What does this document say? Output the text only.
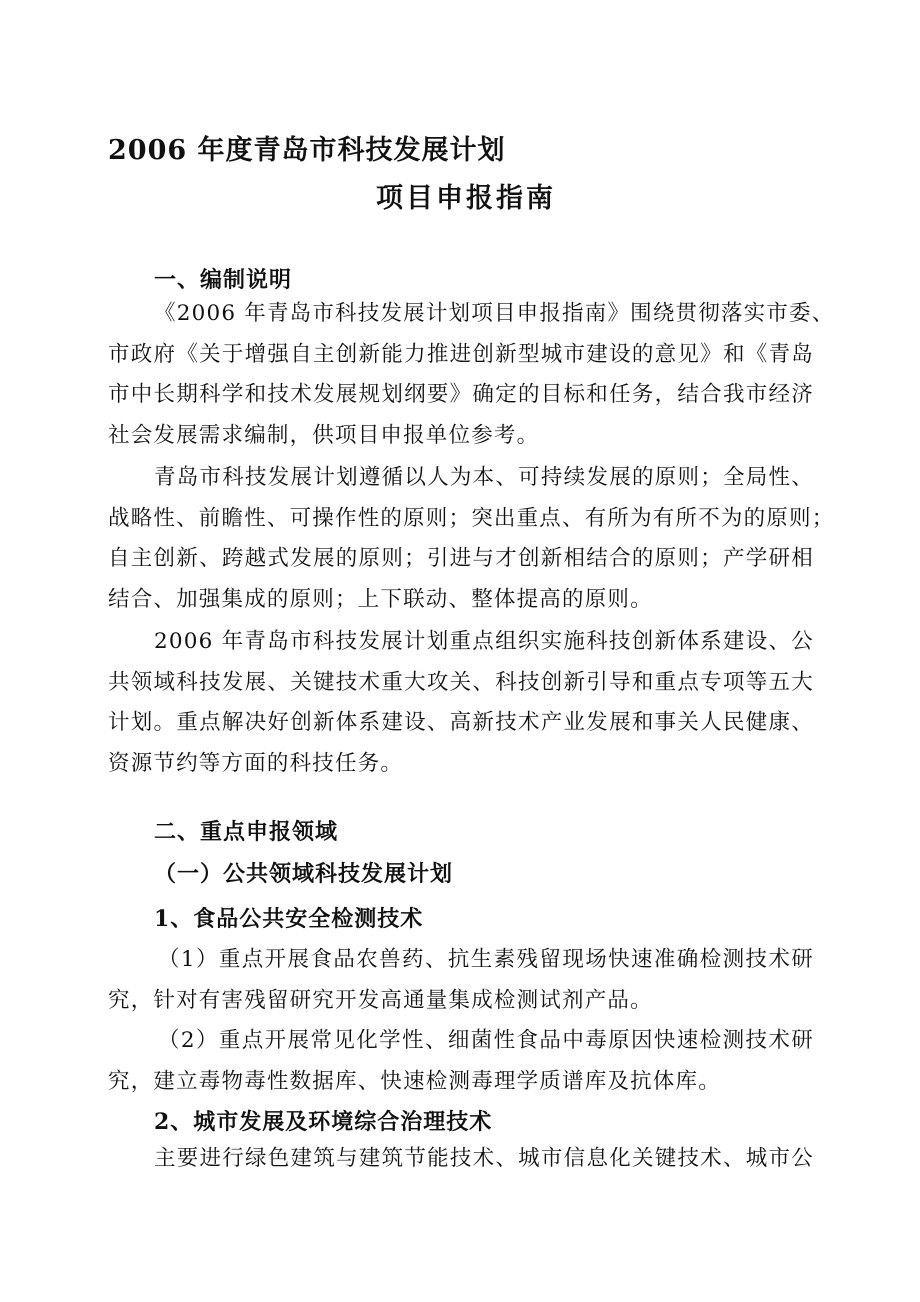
2006 年度青岛市科技发展计划
项目申报指南
一、编制说明
《2006 年青岛市科技发展计划项目申报指南》围绕贯彻落实市委、
市政府《关于增强自主创新能力推进创新型城市建设的意见》和《青岛
市中长期科学和技术发展规划纲要》确定的目标和任务，结合我市经济
社会发展需求编制，供项目申报单位参考。
青岛市科技发展计划遵循以人为本、可持续发展的原则；全局性、
战略性、前瞻性、可操作性的原则；突出重点、有所为有所不为的原则；
自主创新、跨越式发展的原则；引进与才创新相结合的原则；产学研相
结合、加强集成的原则；上下联动、整体提高的原则。
2006 年青岛市科技发展计划重点组织实施科技创新体系建设、公
共领域科技发展、关键技术重大攻关、科技创新引导和重点专项等五大
计划。重点解决好创新体系建设、高新技术产业发展和事关人民健康、
资源节约等方面的科技任务。
二、重点申报领域
（一）公共领域科技发展计划
1、食品公共安全检测技术
（1）重点开展食品农兽药、抗生素残留现场快速准确检测技术研
究，针对有害残留研究开发高通量集成检测试剂产品。
（2）重点开展常见化学性、细菌性食品中毒原因快速检测技术研
究，建立毒物毒性数据库、快速检测毒理学质谱库及抗体库。
2、城市发展及环境综合治理技术
主要进行绿色建筑与建筑节能技术、城市信息化关键技术、城市公
